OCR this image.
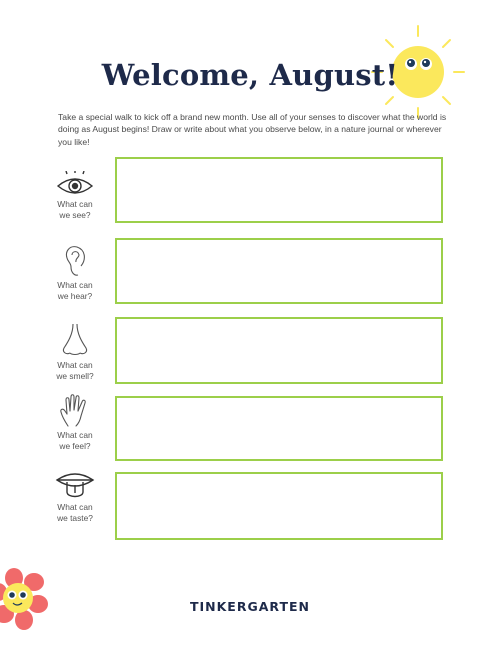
Welcome, August!
Take a special walk to kick off a brand new month. Use all of your senses to discover what the world is doing as August begins! Draw or write about what you observe below, in a nature journal or wherever you like!
What can
we see?
What can
we hear?
What can
we smell?
What can
we feel?
What can
we taste?
TINKERGARTEN
